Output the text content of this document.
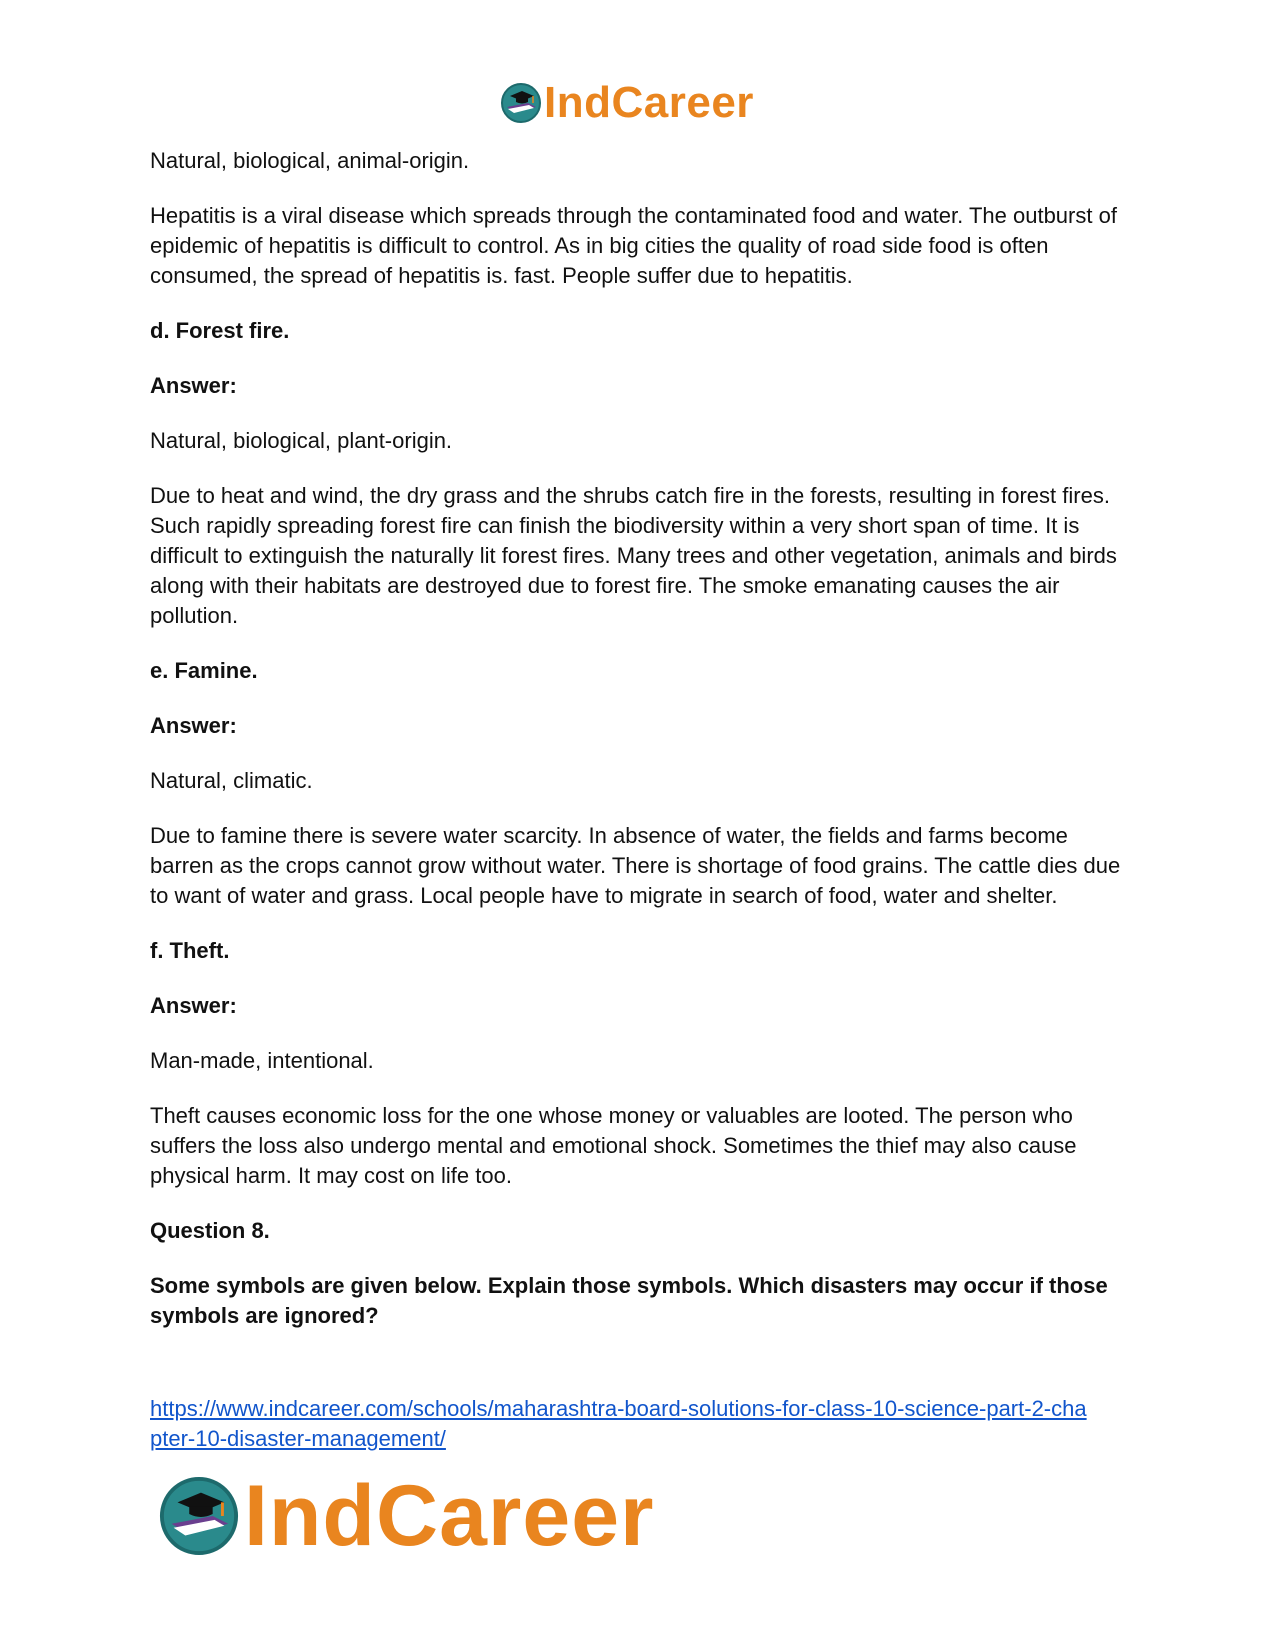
IndCareer

Natural, biological, animal-origin.

Hepatitis is a viral disease which spreads through the contaminated food and water. The outburst of epidemic of hepatitis is difficult to control. As in big cities the quality of road side food is often consumed, the spread of hepatitis is. fast. People suffer due to hepatitis.

d. Forest fire.

Answer:

Natural, biological, plant-origin.

Due to heat and wind, the dry grass and the shrubs catch fire in the forests, resulting in forest fires. Such rapidly spreading forest fire can finish the biodiversity within a very short span of time. It is difficult to extinguish the naturally lit forest fires. Many trees and other vegetation, animals and birds along with their habitats are destroyed due to forest fire. The smoke emanating causes the air pollution.

e. Famine.

Answer:

Natural, climatic.

Due to famine there is severe water scarcity. In absence of water, the fields and farms become barren as the crops cannot grow without water. There is shortage of food grains. The cattle dies due to want of water and grass. Local people have to migrate in search of food, water and shelter.

f. Theft.

Answer:

Man-made, intentional.

Theft causes economic loss for the one whose money or valuables are looted. The person who suffers the loss also undergo mental and emotional shock. Sometimes the thief may also cause physical harm. It may cost on life too.

Question 8.

Some symbols are given below. Explain those symbols. Which disasters may occur if those symbols are ignored?

https://www.indcareer.com/schools/maharashtra-board-solutions-for-class-10-science-part-2-cha
pter-10-disaster-management/
IndCareer
